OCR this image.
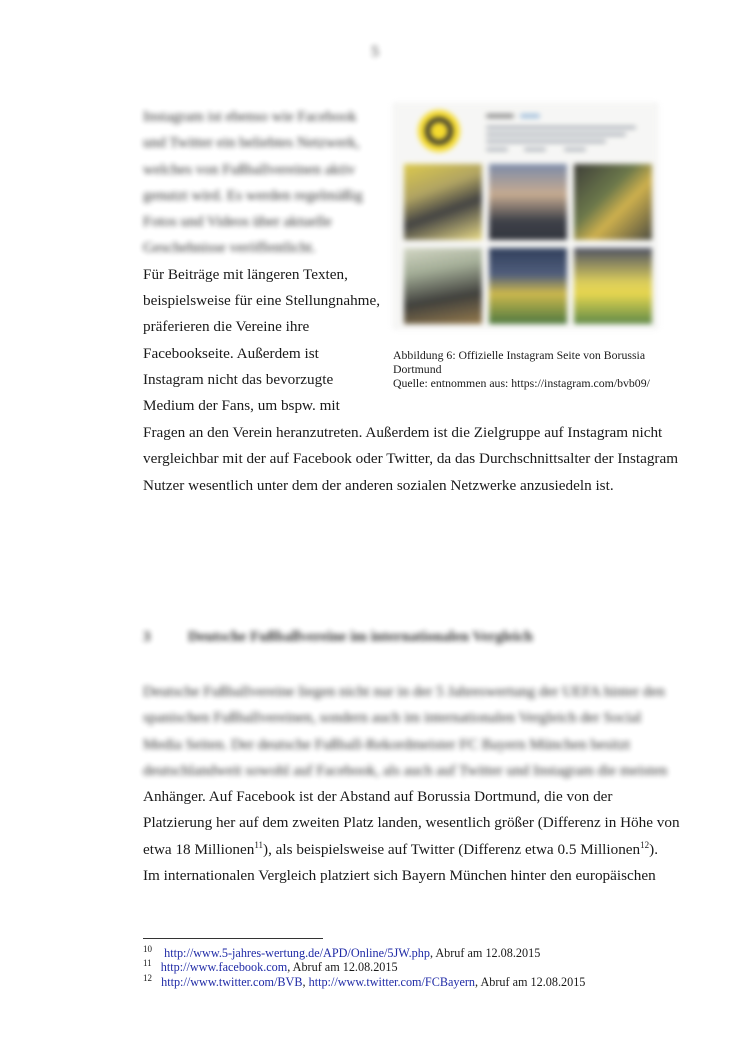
5
Instagram ist ebenso wie Facebook
und Twitter ein beliebtes Netzwerk,
welches von Fußballvereinen aktiv
genutzt wird. Es werden regelmäßig
Fotos und Videos über aktuelle
Geschehnisse veröffentlicht.
Für Beiträge mit längeren Texten,
beispielsweise für eine Stellungnahme,
präferieren die Vereine ihre
Facebookseite. Außerdem ist
Instagram nicht das bevorzugte
Medium der Fans, um bspw. mit
Fragen an den Verein heranzutreten. Außerdem ist die Zielgruppe auf Instagram nicht
vergleichbar mit der auf Facebook oder Twitter, da das Durchschnittsalter der Instagram
Nutzer wesentlich unter dem der anderen sozialen Netzwerke anzusiedeln ist.
Abbildung 6: Offizielle Instagram Seite von Borussia
Dortmund
Quelle: entnommen aus: https://instagram.com/bvb09/
3	Deutsche Fußballvereine im internationalen Vergleich
Deutsche Fußballvereine liegen nicht nur in der 5 Jahreswertung der UEFA hinter den
spanischen Fußballvereinen, sondern auch im internationalen Vergleich der Social
Media Seiten. Der deutsche Fußball-Rekordmeister FC Bayern München besitzt
deutschlandweit sowohl auf Facebook, als auch auf Twitter und Instagram die meisten
Anhänger. Auf Facebook ist der Abstand auf Borussia Dortmund, die von der
Platzierung her auf dem zweiten Platz landen, wesentlich größer (Differenz in Höhe von
etwa 18 Millionen$^{11}$), als beispielsweise auf Twitter (Differenz etwa 0.5 Millionen$^{12}$).
Im internationalen Vergleich platziert sich Bayern München hinter den europäischen
$^{10}$ http://www.5-jahres-wertung.de/APD/Online/5JW.php, Abruf am 12.08.2015
$^{11}$ http://www.facebook.com, Abruf am 12.08.2015
$^{12}$ http://www.twitter.com/BVB, http://www.twitter.com/FCBayern, Abruf am 12.08.2015
